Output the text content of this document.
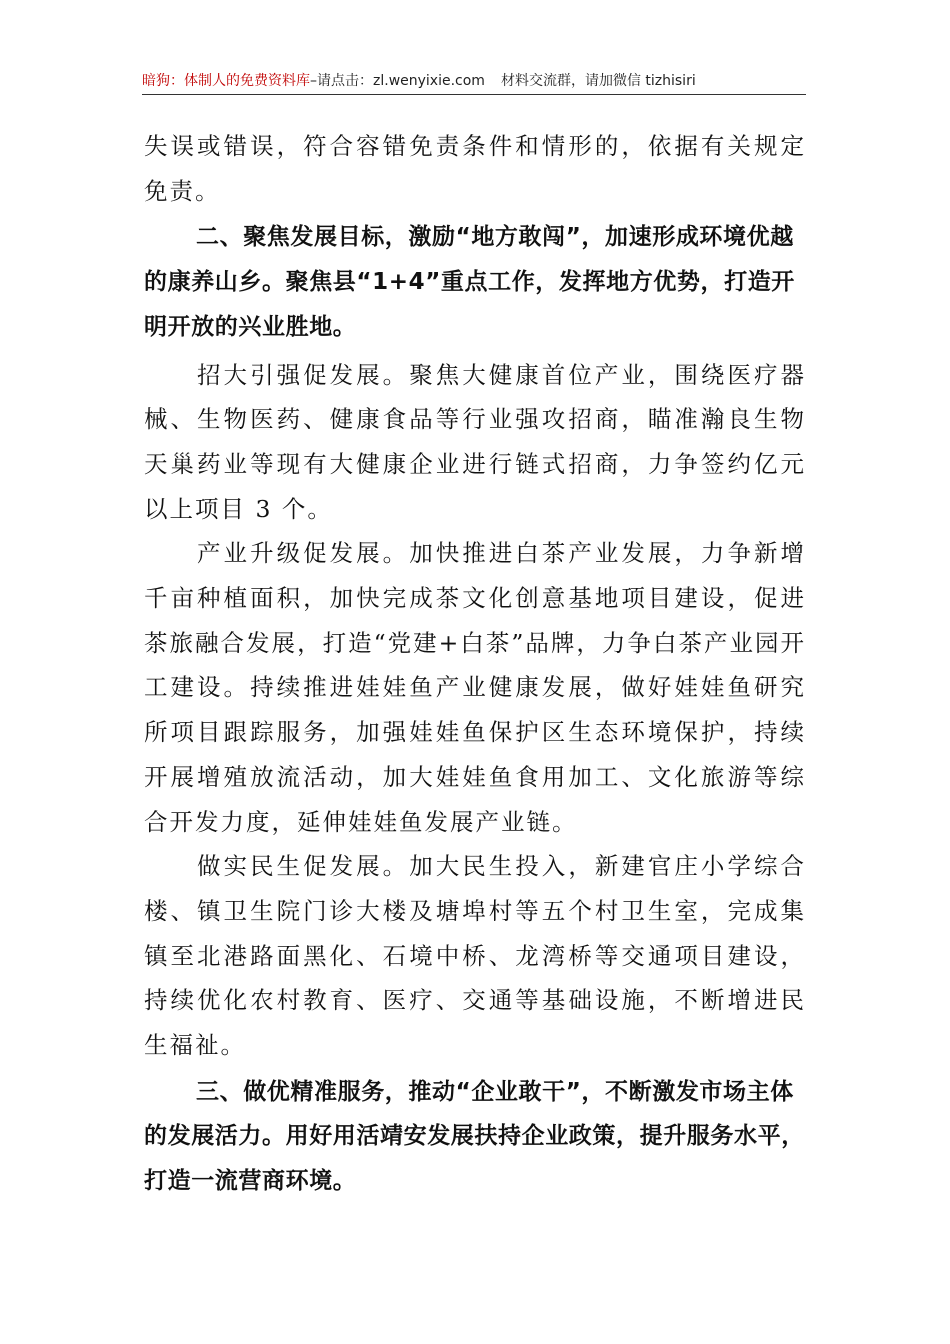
暗狗：体制人的免费资料库–请点击：zl.wenyixie.com 材料交流群，请加微信 tizhisiri

失误或错误，符合容错免责条件和情形的，依据有关规定免责。

二、聚焦发展目标，激励“地方敢闯”，加速形成环境优越的康养山乡。聚焦县“1+4”重点工作，发挥地方优势，打造开明开放的兴业胜地。

招大引强促发展。聚焦大健康首位产业，围绕医疗器械、生物医药、健康食品等行业强攻招商，瞄准瀚良生物天巢药业等现有大健康企业进行链式招商，力争签约亿元以上项目 3 个。

产业升级促发展。加快推进白茶产业发展，力争新增千亩种植面积，加快完成茶文化创意基地项目建设，促进茶旅融合发展，打造“党建+白茶”品牌，力争白茶产业园开工建设。持续推进娃娃鱼产业健康发展，做好娃娃鱼研究所项目跟踪服务，加强娃娃鱼保护区生态环境保护，持续开展增殖放流活动，加大娃娃鱼食用加工、文化旅游等综合开发力度，延伸娃娃鱼发展产业链。

做实民生促发展。加大民生投入，新建官庄小学综合楼、镇卫生院门诊大楼及塘埠村等五个村卫生室，完成集镇至北港路面黑化、石境中桥、龙湾桥等交通项目建设，持续优化农村教育、医疗、交通等基础设施，不断增进民生福祉。

三、做优精准服务，推动“企业敢干”，不断激发市场主体的发展活力。用好用活靖安发展扶持企业政策，提升服务水平，打造一流营商环境。
